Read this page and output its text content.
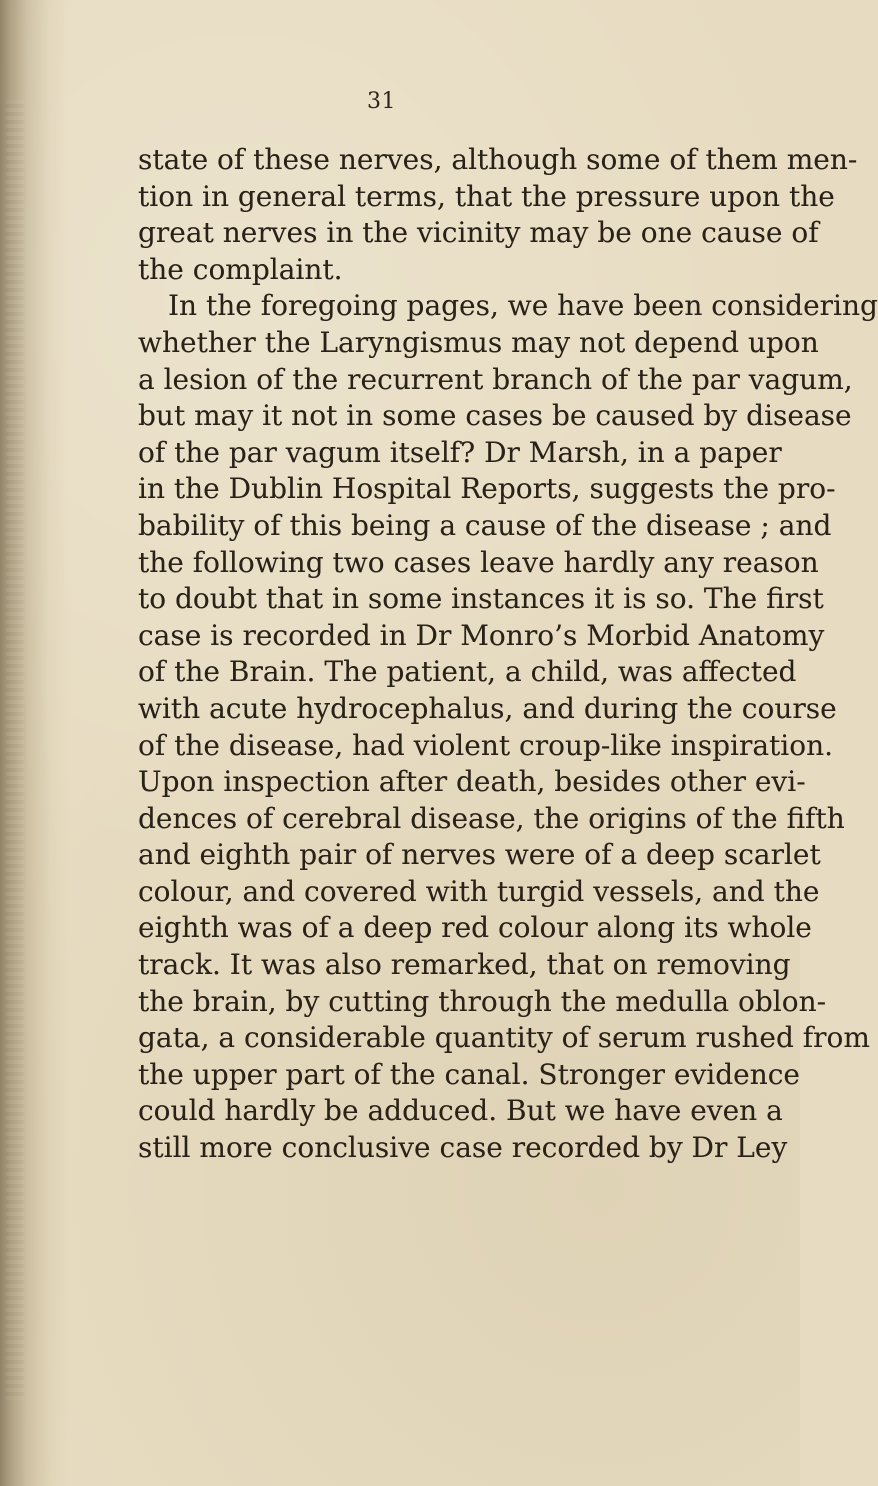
31
state of these nerves, although some of them men-
tion in general terms, that the pressure upon the
great nerves in the vicinity may be one cause of
the complaint.
In the foregoing pages, we have been considering
whether the Laryngismus may not depend upon
a lesion of the recurrent branch of the par vagum,
but may it not in some cases be caused by disease
of the par vagum itself? Dr Marsh, in a paper
in the Dublin Hospital Reports, suggests the pro-
bability of this being a cause of the disease ; and
the following two cases leave hardly any reason
to doubt that in some instances it is so. The first
case is recorded in Dr Monro’s Morbid Anatomy
of the Brain. The patient, a child, was affected
with acute hydrocephalus, and during the course
of the disease, had violent croup-like inspiration.
Upon inspection after death, besides other evi-
dences of cerebral disease, the origins of the fifth
and eighth pair of nerves were of a deep scarlet
colour, and covered with turgid vessels, and the
eighth was of a deep red colour along its whole
track. It was also remarked, that on removing
the brain, by cutting through the medulla oblon-
gata, a considerable quantity of serum rushed from
the upper part of the canal. Stronger evidence
could hardly be adduced. But we have even a
still more conclusive case recorded by Dr Ley
